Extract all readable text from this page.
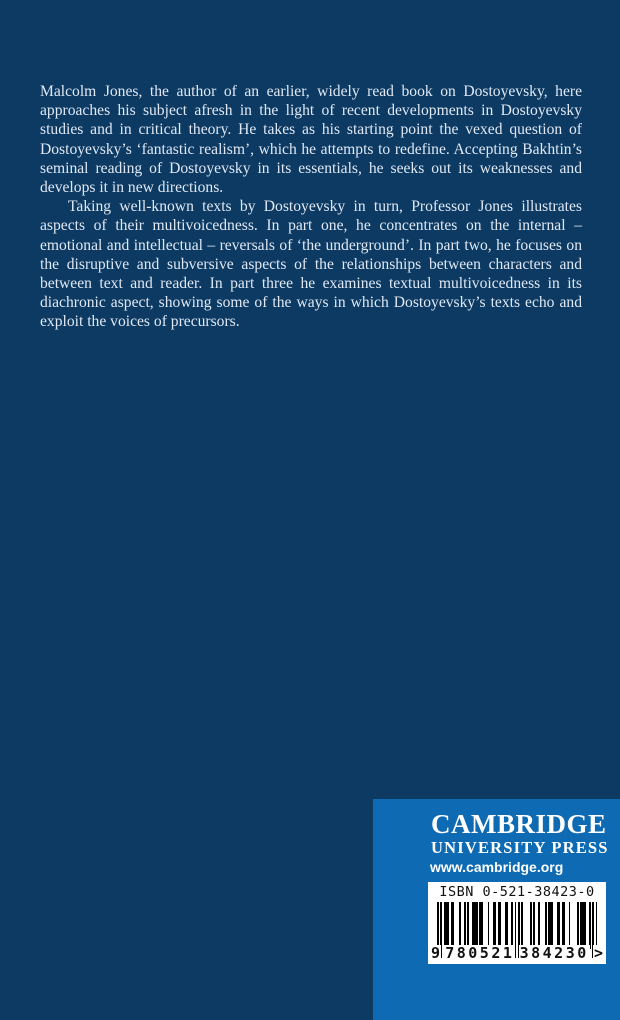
Malcolm Jones, the author of an earlier, widely read book on Dostoyevsky, here approaches his subject afresh in the light of recent developments in Dostoyevsky studies and in critical theory. He takes as his starting point the vexed question of Dostoyevsky’s ‘fantastic realism’, which he attempts to redefine. Accepting Bakhtin’s seminal reading of Dostoyevsky in its essentials, he seeks out its weaknesses and develops it in new directions.

Taking well-known texts by Dostoyevsky in turn, Professor Jones illustrates aspects of their multivoicedness. In part one, he concentrates on the internal – emotional and intellectual – reversals of ‘the underground’. In part two, he focuses on the disruptive and subversive aspects of the relationships between characters and between text and reader. In part three he examines textual multivoicedness in its diachronic aspect, showing some of the ways in which Dostoyevsky’s texts echo and exploit the voices of precursors.

CAMBRIDGE
UNIVERSITY PRESS
www.cambridge.org
ISBN 0-521-38423-0
9 780521 384230 >
